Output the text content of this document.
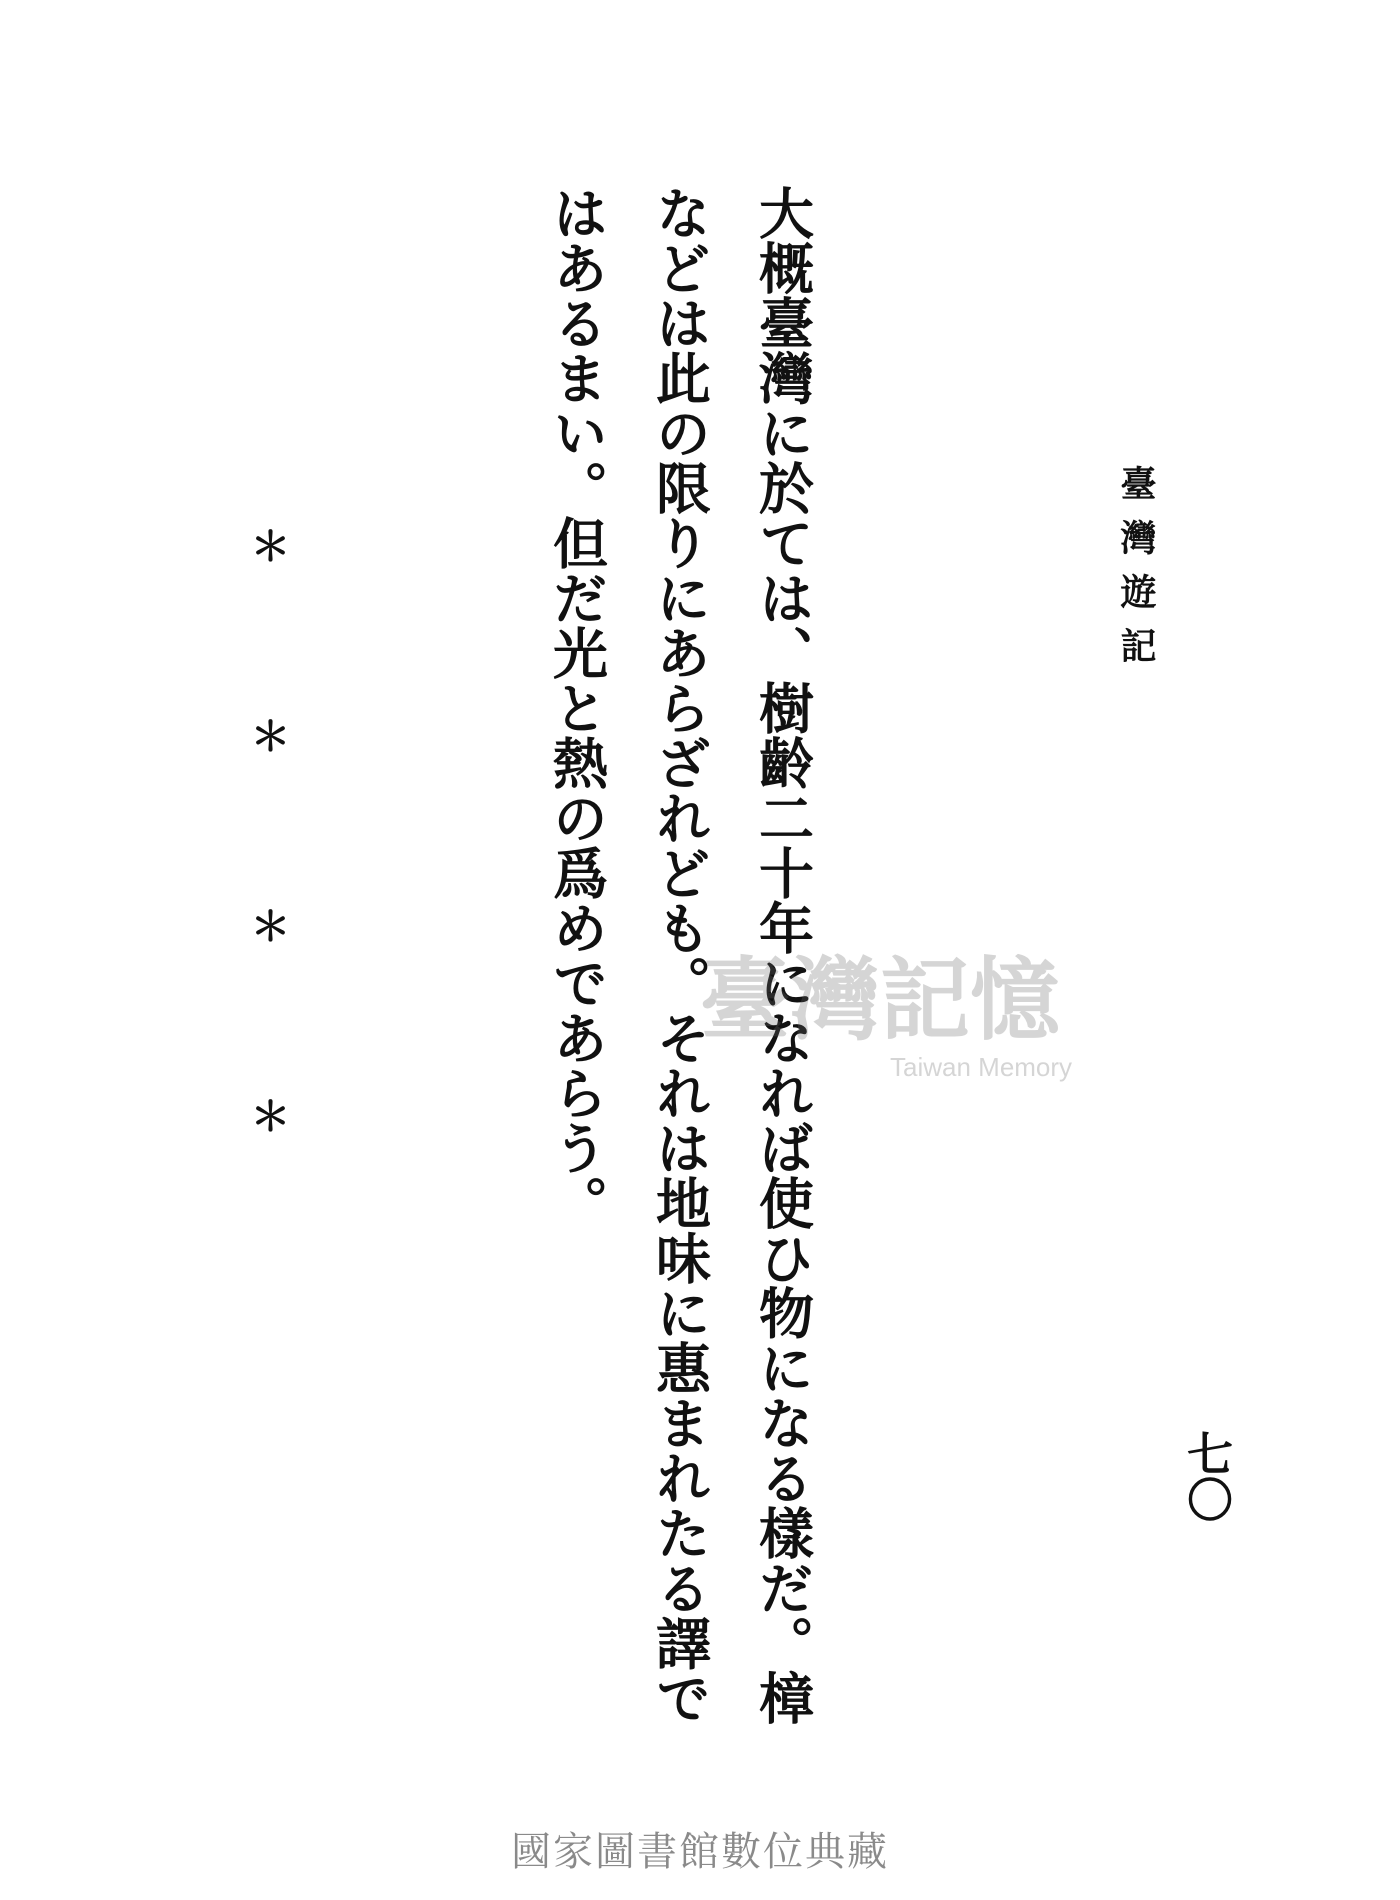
臺灣遊記
七〇

大概臺灣に於ては、樹齡二十年になれば使ひ物になる樣だ。樟などは此の限りにあらざれども。それは地味に惠まれたる譯ではあるまい。但だ光と熱の爲めであらう。

＊＊＊＊

	臺灣記憶
Taiwan Memory
國家圖書館數位典藏
